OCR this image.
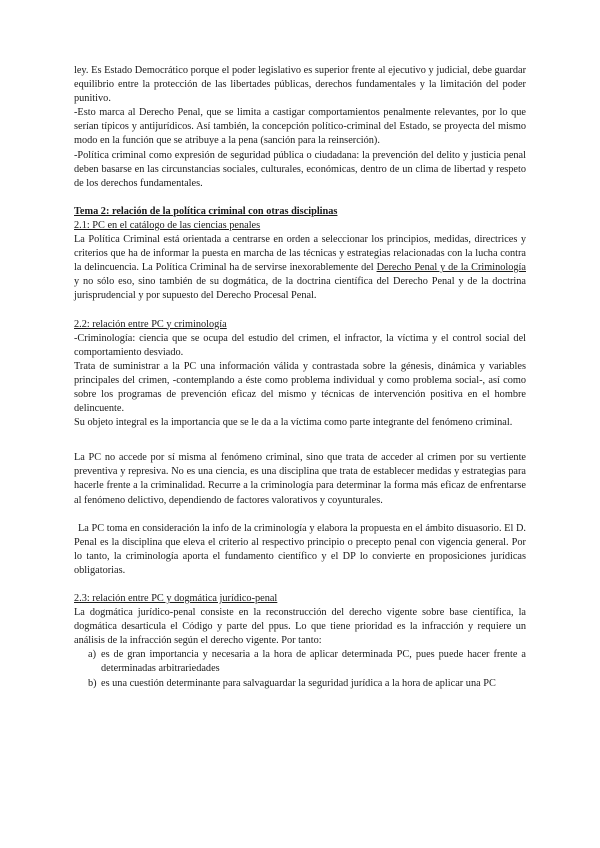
ley. Es Estado Democrático porque el poder legislativo es superior frente al ejecutivo y judicial, debe guardar equilibrio entre la protección de las libertades públicas, derechos fundamentales y la limitación del poder punitivo.

-Esto marca al Derecho Penal, que se limita a castigar comportamientos penalmente relevantes, por lo que serían típicos y antijurídicos. Así también, la concepción político-criminal del Estado, se proyecta del mismo modo en la función que se atribuye a la pena (sanción para la reinserción).

-Política criminal como expresión de seguridad pública o ciudadana: la prevención del delito y justicia penal deben basarse en las circunstancias sociales, culturales, económicas, dentro de un clima de libertad y respeto de los derechos fundamentales.

Tema 2: relación de la política criminal con otras disciplinas

2.1: PC en el catálogo de las ciencias penales

La Política Criminal está orientada a centrarse en orden a seleccionar los principios, medidas, directrices y criterios que ha de informar la puesta en marcha de las técnicas y estrategias relacionadas con la lucha contra la delincuencia. La Política Criminal ha de servirse inexorablemente del Derecho Penal y de la Criminología y no sólo eso, sino también de su dogmática, de la doctrina científica del Derecho Penal y de la doctrina jurisprudencial y por supuesto del Derecho Procesal Penal.

2.2: relación entre PC y criminología

-Criminología: ciencia que se ocupa del estudio del crimen, el infractor, la víctima y el control social del comportamiento desviado.

Trata de suministrar a la PC una información válida y contrastada sobre la génesis, dinámica y variables principales del crimen, -contemplando a éste como problema individual y como problema social-, así como sobre los programas de prevención eficaz del mismo y técnicas de intervención positiva en el hombre delincuente.

Su objeto integral es la importancia que se le da a la víctima como parte integrante del fenómeno criminal.

La PC no accede por sí misma al fenómeno criminal, sino que trata de acceder al crimen por su vertiente preventiva y represiva. No es una ciencia, es una disciplina que trata de establecer medidas y estrategias para hacerle frente a la criminalidad. Recurre a la criminología para determinar la forma más eficaz de enfrentarse al fenómeno delictivo, dependiendo de factores valorativos y coyunturales.

La PC toma en consideración la info de la criminología y elabora la propuesta en el ámbito disuasorio. El D. Penal es la disciplina que eleva el criterio al respectivo principio o precepto penal con vigencia general. Por lo tanto, la criminología aporta el fundamento científico y el DP lo convierte en proposiciones jurídicas obligatorias.

2.3: relación entre PC y dogmática jurídico-penal

La dogmática jurídico-penal consiste en la reconstrucción del derecho vigente sobre base científica, la dogmática desarticula el Código y parte del ppus. Lo que tiene prioridad es la infracción y requiere un análisis de la infracción según el derecho vigente. Por tanto:

a) es de gran importancia y necesaria a la hora de aplicar determinada PC, pues puede hacer frente a determinadas arbitrariedades
b) es una cuestión determinante para salvaguardar la seguridad jurídica a la hora de aplicar una PC
